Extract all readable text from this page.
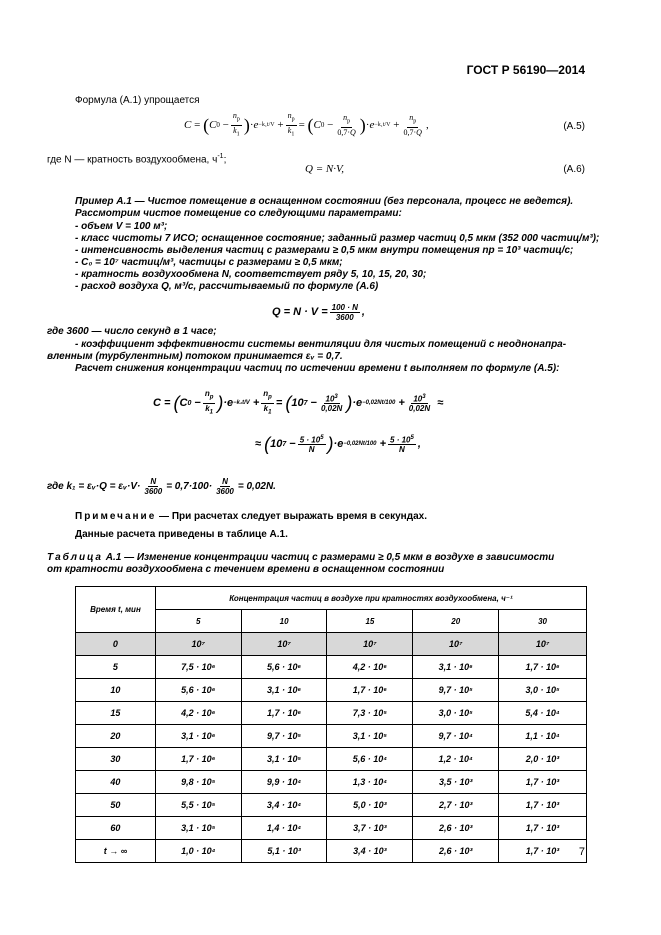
ГОСТ Р 56190—2014
Формула (А.1) упрощается
C = ( C $0 - \frac{n_p}{k_1}$ ) · $e -k_1t/V + \frac{n_p}{k_1}$ = ( C $0 - \frac{n_p}{0,7\cdot Q}$ ) · $e -k_1t/V + \frac{n_p}{0,7\cdot Q}$ ,	(А.5)
где N — кратность воздухообмена, $ч^{-1}$;
Q = N·V,	(А.6)
Пример А.1 — Чистое помещение в оснащенном состоянии (без персонала, процесс не ведется).
Рассмотрим чистое помещение со следующими параметрами:
- объем V = 100 м³;
- класс чистоты 7 ИСО; оснащенное состояние; заданный размер частиц 0,5 мкм (352 000 частиц/м³);
- интенсивность выделения частиц с размерами ≥ 0,5 мкм внутри помещения nр = 10³ частиц/с;
- C₀ = 10⁷ частиц/м³, частицы с размерами ≥ 0,5 мкм;
- кратность воздухообмена N, соответствует ряду 5, 10, 15, 20, 30;
- расход воздуха Q, м³/с, рассчитываемый по формуле (А.6)
$Q = N \cdot V = \frac{100 \cdot N}{3600}$ ,
где 3600 — число секунд в 1 часе;
- коэффициент эффективности системы вентиляции для чистых помещений с неоднонапра-
вленным (турбулентным) потоком принимается εᵥ = 0,7.
Расчет снижения концентрации частиц по истечении времени t выполняем по формуле (А.5):
C = ( C $0 - \frac{n_p}{k_1}$ ) $\cdot e -k_1t/V + \frac{n_p}{k_1}$ = ( 10 $7 - \frac{10^3}{0,02N}$ ) $\cdot e -0,02Nt/100 + \frac{10^3}{0,02N}$ ≈
≈ ( 10 $7 - \frac{5 \cdot 10^5}{N}$ ) $\cdot e -0,02Nt/100 + \frac{5 \cdot 10^5}{N}$ ,
где k₁ = εᵥ·Q = εᵥ·V· $\frac{N}{3600} = 0,7\cdot 100\cdot \frac{N}{3600} = 0,02N$.
Примечание — При расчетах следует выражать время в секундах.
Данные расчета приведены в таблице А.1.
Таблица А.1 — Изменение концентрации частиц с размерами ≥ 0,5 мкм в воздухе в зависимости
от кратности воздухообмена с течением времени в оснащенном состоянии
Время t, мин	Концентрация частиц в воздухе при кратностях воздухообмена, ч⁻¹				
	5	10	15	20	30
0	10⁷	10⁷	10⁷	10⁷	10⁷
5	7,5 · 10⁶	5,6 · 10⁶	4,2 · 10⁶	3,1 · 10⁶	1,7 · 10⁶
10	5,6 · 10⁶	3,1 · 10⁶	1,7 · 10⁶	9,7 · 10⁵	3,0 · 10⁵
15	4,2 · 10⁶	1,7 · 10⁶	7,3 · 10⁵	3,0 · 10⁵	5,4 · 10⁴
20	3,1 · 10⁶	9,7 · 10⁵	3,1 · 10⁵	9,7 · 10⁴	1,1 · 10⁴
30	1,7 · 10⁶	3,1 · 10⁵	5,6 · 10⁴	1,2 · 10⁴	2,0 · 10³
40	9,8 · 10⁵	9,9 · 10⁴	1,3 · 10⁴	3,5 · 10³	1,7 · 10³
50	5,5 · 10⁵	3,4 · 10⁴	5,0 · 10³	2,7 · 10³	1,7 · 10³
60	3,1 · 10⁵	1,4 · 10⁴	3,7 · 10³	2,6 · 10³	1,7 · 10³
t → ∞	1,0 · 10⁴	5,1 · 10³	3,4 · 10³	2,6 · 10³	1,7 · 10³ 7
